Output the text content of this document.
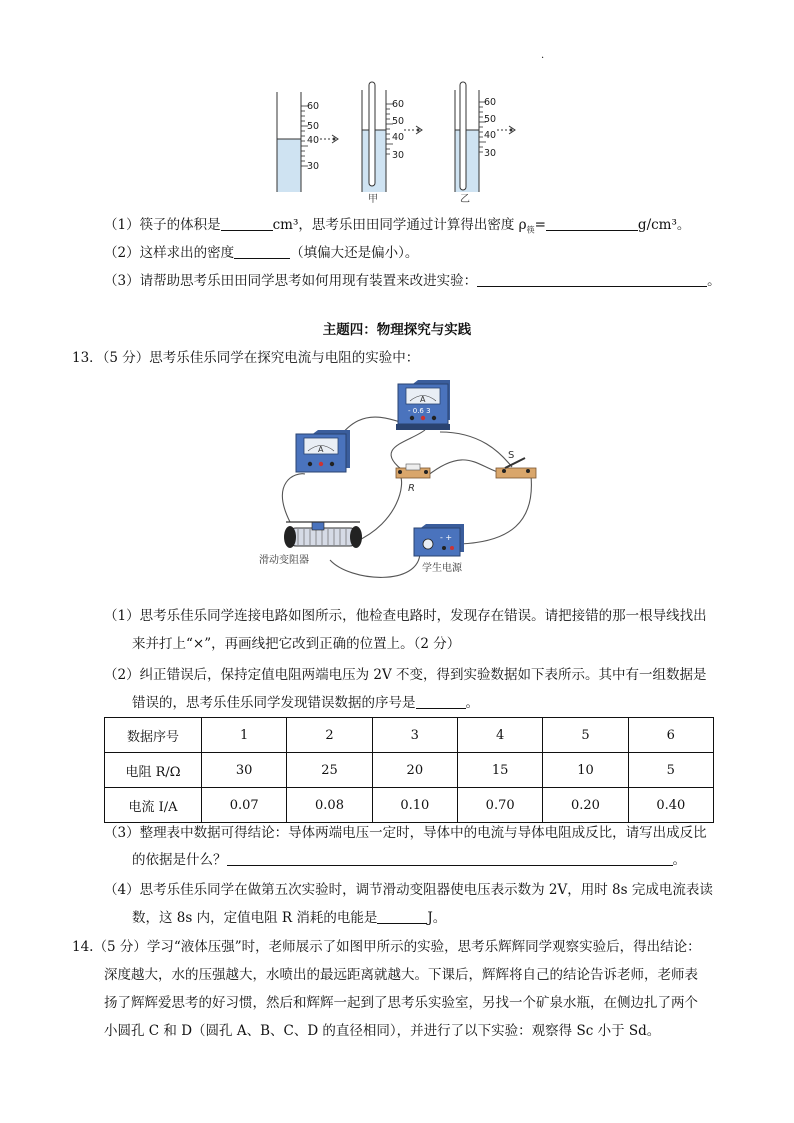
.
60
50
40
30
60
50
40
30
甲
60
50
40
30
乙
（1）筷子的体积是	cm³，思考乐田田同学通过计算得出密度 $\rho_筷=$	g/cm³。
（2）这样求出的密度	（填偏大还是偏小）。
（3）请帮助思考乐田田同学思考如何用现有装置来改进实验：	。
主题四：物理探究与实践
13．（5 分）思考乐佳乐同学在探究电流与电阻的实验中：
A
A
- 0.6 3
R
S
滑动变阻器
- +
学生电源
（1）思考乐佳乐同学连接电路如图所示，他检查电路时，发现存在错误。请把接错的那一根导线找出
来并打上“×”，再画线把它改到正确的位置上。（2 分）
（2）纠正错误后，保持定值电阻两端电压为 2V 不变，得到实验数据如下表所示。其中有一组数据是
错误的，思考乐佳乐同学发现错误数据的序号是	。
数据序号	1	2	3	4	5	6
电阻 R/Ω	30	25	20	15	10	5
电流 I/A	0.07	0.08	0.10	0.70	0.20	0.40
（3）整理表中数据可得结论：导体两端电压一定时，导体中的电流与导体电阻成反比，请写出成反比
的依据是什么？	。
（4）思考乐佳乐同学在做第五次实验时，调节滑动变阻器使电压表示数为 2V，用时 8s 完成电流表读
数，这 8s 内，定值电阻 R 消耗的电能是	J。
14.（5 分）学习“液体压强”时，老师展示了如图甲所示的实验，思考乐辉辉同学观察实验后，得出结论：
深度越大，水的压强越大，水喷出的最远距离就越大。下课后，辉辉将自己的结论告诉老师，老师表
扬了辉辉爱思考的好习惯，然后和辉辉一起到了思考乐实验室，另找一个矿泉水瓶，在侧边扎了两个
小圆孔 C 和 D（圆孔 A、B、C、D 的直径相同），并进行了以下实验：观察得 Sc 小于 Sd。
